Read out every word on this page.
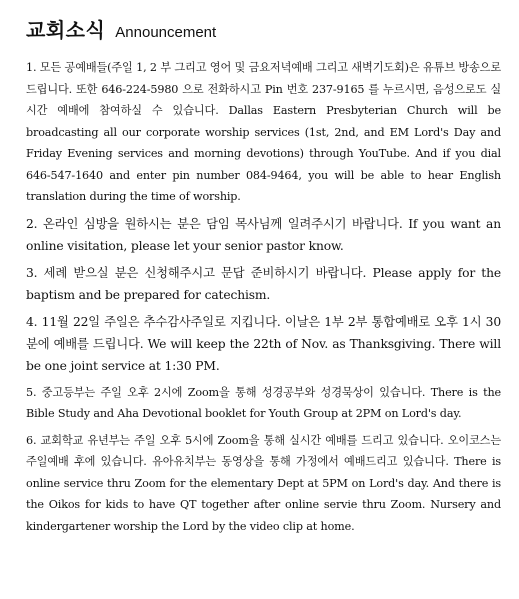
교회소식 Announcement

1. 모든 공예배들(주일 1, 2 부 그리고 영어 및 금요저녁예배 그리고 새벽기도회)은 유튜브 방송으로 드립니다. 또한 646-224-5980 으로 전화하시고 Pin 번호 237-9165 를 누르시면, 음성으로도 실시간 예배에 참여하실 수 있습니다. Dallas Eastern Presbyterian Church will be broadcasting all our corporate worship services (1st, 2nd, and EM Lord's Day and Friday Evening services and morning devotions) through YouTube. And if you dial 646-547-1640 and enter pin number 084-9464, you will be able to hear English translation during the time of worship.

2. 온라인 심방을 원하시는 분은 담임 목사님께 일려주시기 바랍니다. If you want an online visitation, please let your senior pastor know.

3. 세례 받으실 분은 신청해주시고 문답 준비하시기 바랍니다. Please apply for the baptism and be prepared for catechism.

4. 11월 22일 주일은 추수감사주일로 지킵니다. 이날은 1부 2부 통합예배로 오후 1시 30분에 예배를 드립니다. We will keep the 22th of Nov. as Thanksgiving. There will be one joint service at 1:30 PM.

5. 중고등부는 주일 오후 2시에 Zoom을 통해 성경공부와 성경묵상이 있습니다. There is the Bible Study and Aha Devotional booklet for Youth Group at 2PM on Lord's day.

6. 교회학교 유년부는 주일 오후 5시에 Zoom을 통해 실시간 예배를 드리고 있습니다. 오이코스는 주일예배 후에 있습니다. 유아유치부는 동영상을 통해 가정에서 예배드리고 있습니다. There is online service thru Zoom for the elementary Dept at 5PM on Lord's day. And there is the Oikos for kids to have QT together after online servie thru Zoom. Nursery and kindergartener worship the Lord by the video clip at home.
